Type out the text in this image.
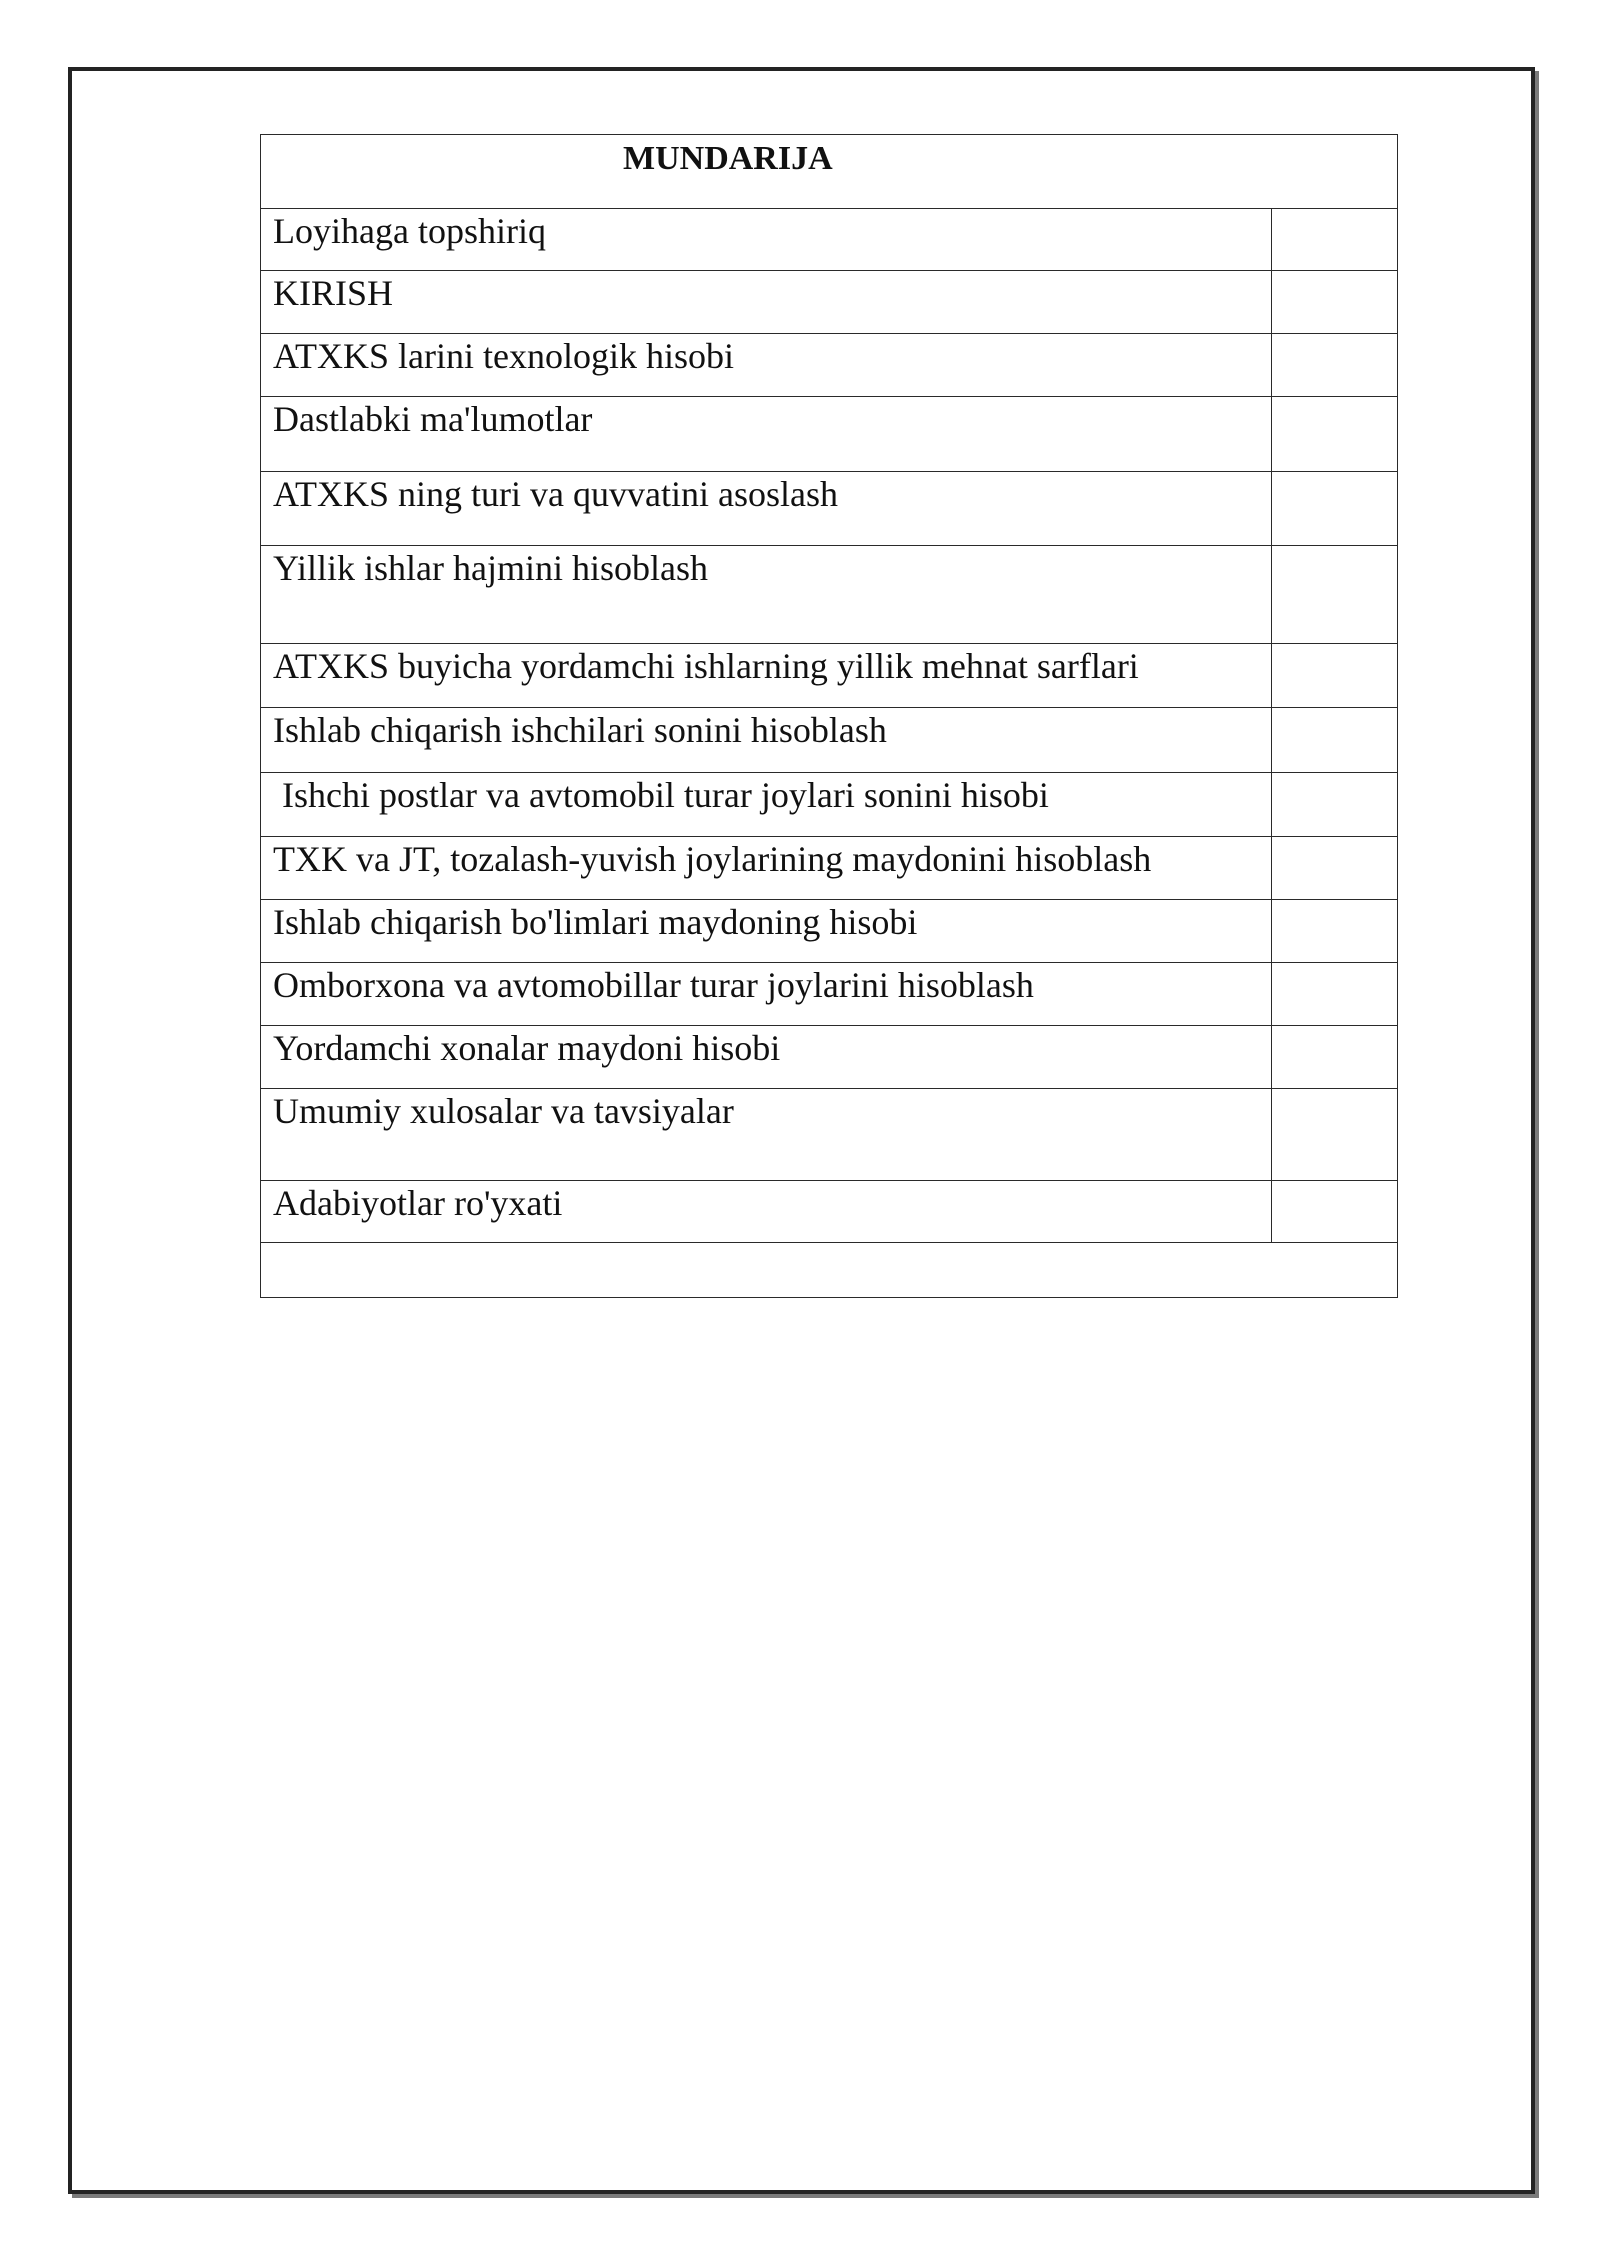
MUNDARIJA	
Loyihaga topshiriq	
KIRISH	
ATXKS larini texnologik hisobi	
Dastlabki ma'lumotlar	
ATXKS ning turi va quvvatini asoslash	
Yillik ishlar hajmini hisoblash	
ATXKS buyicha yordamchi ishlarning yillik mehnat sarflari	
Ishlab chiqarish ishchilari sonini hisoblash	
Ishchi postlar va avtomobil turar joylari sonini hisobi	
TXK va JT, tozalash-yuvish joylarining maydonini hisoblash	
Ishlab chiqarish bo'limlari maydoning hisobi	
Omborxona va avtomobillar turar joylarini hisoblash	
Yordamchi xonalar maydoni hisobi	
Umumiy xulosalar va tavsiyalar	
Adabiyotlar ro'yxati	
